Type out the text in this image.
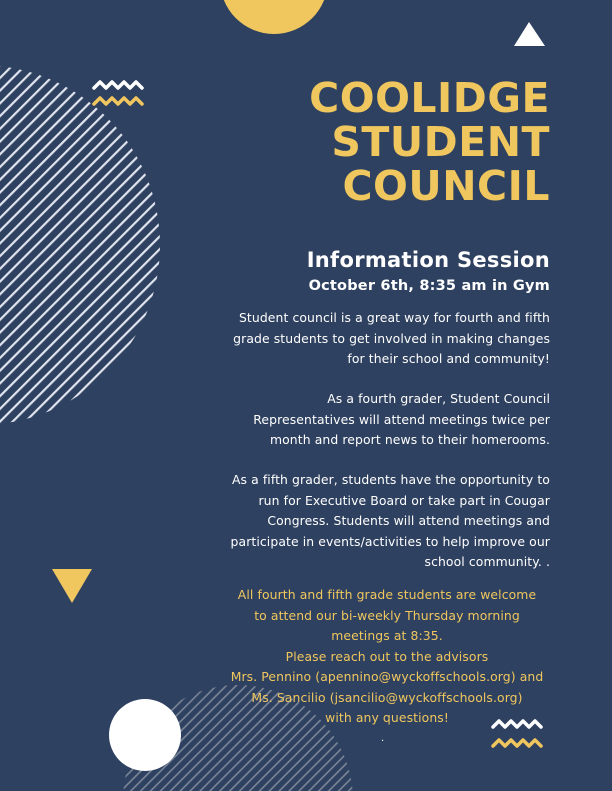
COOLIDGE
STUDENT
COUNCIL
Information Session
October 6th, 8:35 am in Gym
Student council is a great way for fourth and fifth
grade students to get involved in making changes
for their school and community!
As a fourth grader, Student Council
Representatives will attend meetings twice per
month and report news to their homerooms.
As a fifth grader, students have the opportunity to
run for Executive Board or take part in Cougar
Congress. Students will attend meetings and
participate in events/activities to help improve our
school community. .
All fourth and fifth grade students are welcome
to attend our bi-weekly Thursday morning
meetings at 8:35.
Please reach out to the advisors
Mrs. Pennino (apennino@wyckoffschools.org) and
Ms. Sancilio (jsancilio@wyckoffschools.org)
with any questions!
.
